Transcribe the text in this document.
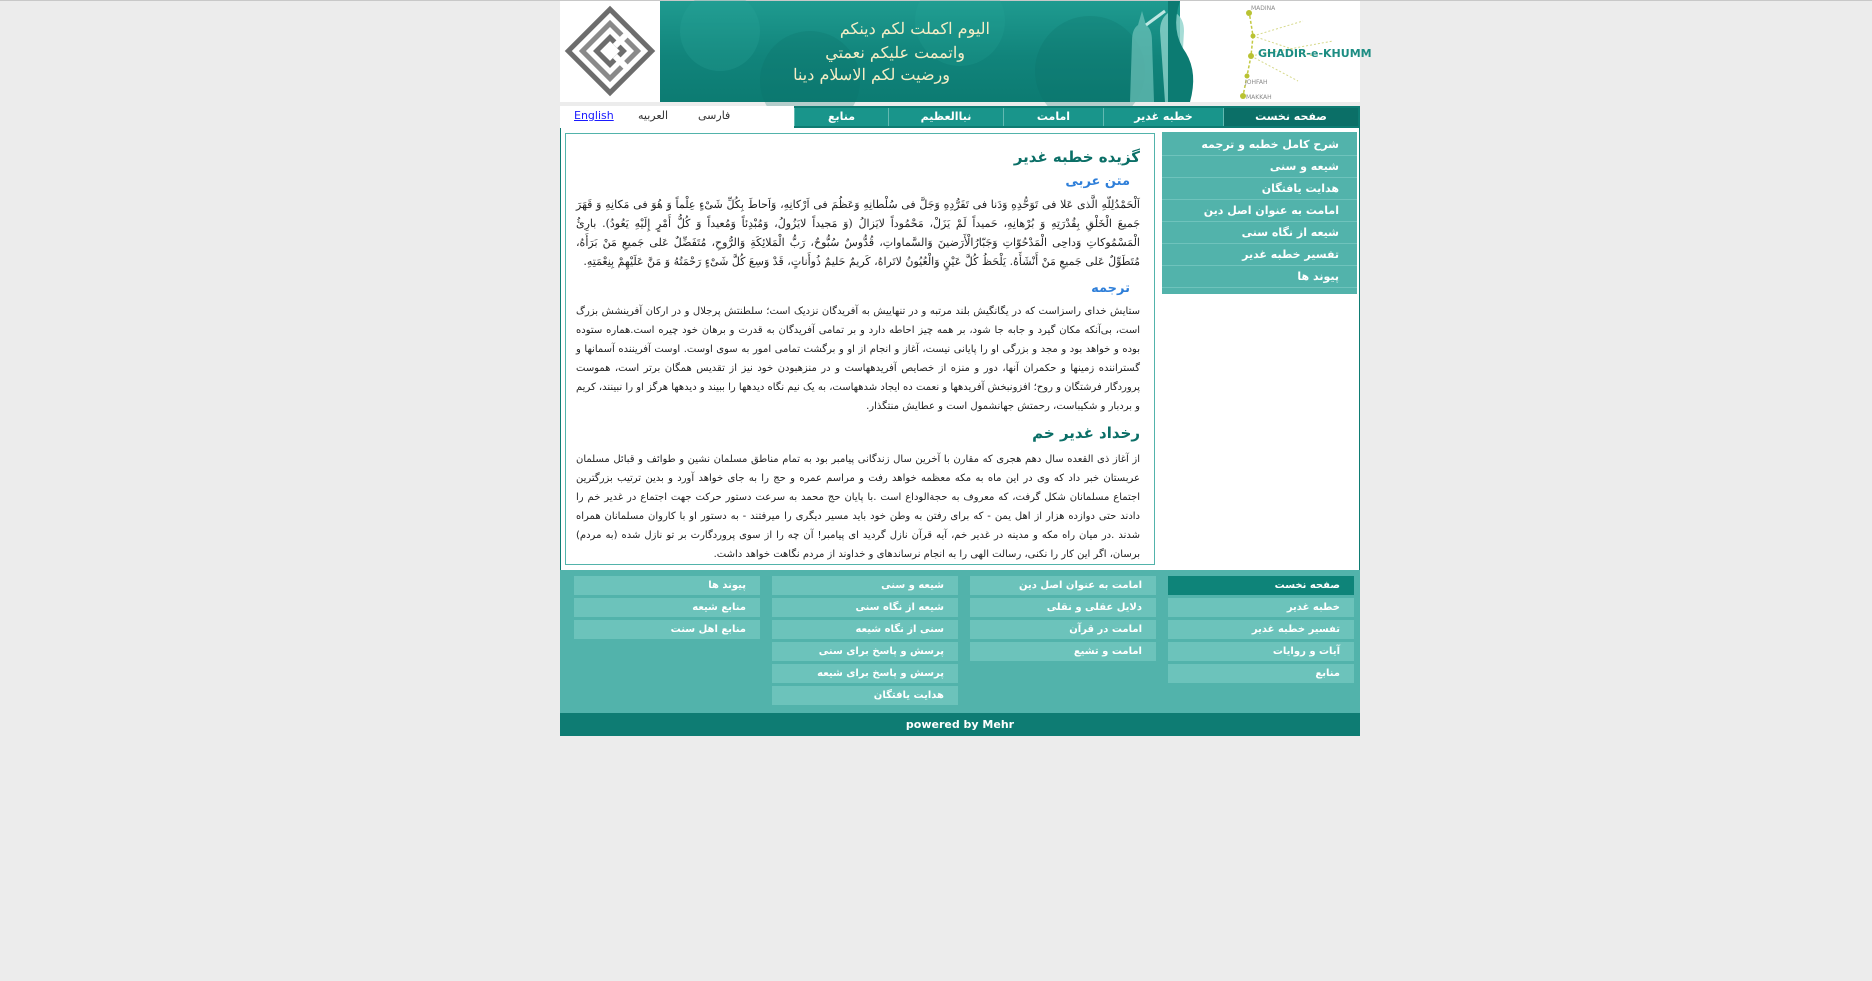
اليوم اكملت لكم دينكم
واتممت عليكم نعمتي
ورضيت لكم الاسلام دينا
MADINA
JOHFAH
MAKKAH
GHADIR-e-KHUMM
English العربيه	فارسی	صفحه نخست
خطبه غدير
امامت
نباالعظيم
منابع
شرح کامل خطبه و ترجمه
شيعه و سنی
هدايت يافتگان
امامت به عنوان اصل دين
شيعه از نگاه سنی
تفسير خطبه غدير
پيوند ها
گزيده خطبه غدير
متن عربی
اَلْحَمْدُلِلّهِ الَّذی عَلا فی تَوَحُّدِهِ وَدَنا فی تَفَرُّدِهِ وَجَلَّ فی سُلْطانِهِ وَعَظُمَ فی اَرْکانِهِ، وَاَحاطَ بِکُلِّ شَیْءٍ عِلْماً وَ هُوَ فی مَکانِهِ وَ قَهَرَ جَمیعَ الْخَلْقِ بِقُدْرَتِهِ وَ بُرْهانِهِ، حَمیداً لَمْ یَزَلْ، مَحْمُوداً لایَزالُ (وَ مَجیداً لایَزُولُ، وَمُبْدِئاً وَمُعیداً وَ کُلُّ أَمْرٍ إِلَیْهِ یَعُودُ). بارِئُ الْمَسْمُوکاتِ وَداحِی الْمَدْحُوّاتِ وَجَبّارُالْأَرَضینَ وَالسَّماواتِ، قُدُّوسٌ سُبُّوحٌ، رَبُّ الْمَلائِکَةِ وَالرُّوحِ، مُتَفَضِّلٌ عَلی جَمیعِ مَنْ بَرَأَهُ، مُتَطَوِّلٌ عَلی جَمیعِ مَنْ أَنْشَأَهُ. یَلْحَظُ کُلَّ عَیْنٍ وَالْعُیُونُ لاتَراهُ، کَریمٌ حَلیمٌ ذُوأَناتٍ، قَدْ وَسِعَ کُلَّ شَیْءٍ رَحْمَتُهُ وَ مَنَّ عَلَیْهِمْ بِنِعْمَتِهِ.
ترجمه
ستايش خدای راسزاست که در يگانگيش بلند مرتبه و در تنهاييش به آفريدگان نزديک است؛ سلطنتش پرجلال و در ارکان آفرينشش بزرگ است، بی‌آنکه مکان گيرد و جابه جا شود، بر همه چيز احاطه دارد و بر تمامی آفريدگان به قدرت و برهان خود چيره است.هماره ستوده بوده و خواهد بود و مجد و بزرگی او را پايانی نيست، آغاز و انجام از او و برگشت تمامی امور به سوی اوست. اوست آفريننده آسمانها و گستراننده زمينها و حکمران آنها، دور و منزه از خصايص آفريدههاست و در منزهبودن خود نيز از تقديس همگان برتر است، هموست پروردگار فرشتگان و روح؛ افزونبخش آفريدهها و نعمت ده ايجاد شدههاست، به يک نيم نگاه ديدهها را ببيند و ديدهها هرگز او را نبينند، کريم و بردبار و شکيباست، رحمتش جهانشمول است و عطايش منتگذار.
رخداد غدير خم
از آغاز ذی القعده سال دهم هجری که مقارن با آخرين سال زندگانی پيامبر بود به تمام مناطق مسلمان نشين و طوائف و قبائل مسلمان عربستان خبر داد که وی در اين ماه به مکه معظمه خواهد رفت و مراسم عمره و حج را به جای خواهد آورد و بدين ترتيب بزرگترين اجتماع مسلمانان شکل گرفت، که معروف به حجةالوداع است .با پايان حج محمد به سرعت دستور حرکت جهت اجتماع در غدير خم را دادند حتی دوازده هزار از اهل يمن - که برای رفتن به وطن خود بايد مسير ديگری را ميرفتند - به دستور او با کاروان مسلمانان همراه شدند .در ميان راه مکه و مدينه در غدير خم، آيه قرآن نازل گرديد ای پيامبر! آن چه را از سوی پروردگارت بر تو نازل شده (به مردم) برسان، اگر اين کار را نکنی، رسالت الهی را به انجام نرساندهای و خداوند از مردم نگاهت خواهد داشت.
صفحه نخست
خطبه غدير
تفسير خطبه غدير
آيات و روايات
منابع
امامت به عنوان اصل دين
دلايل عقلی و نقلی
امامت در قرآن
امامت و تشيع
شيعه و سنی
شيعه از نگاه سنی
سنی از نگاه شيعه
پرسش و پاسخ برای سنی
پرسش و پاسخ برای شيعه
هدايت يافتگان
پيوند ها
منابع شيعه
منابع اهل سنت
powered by Mehr
